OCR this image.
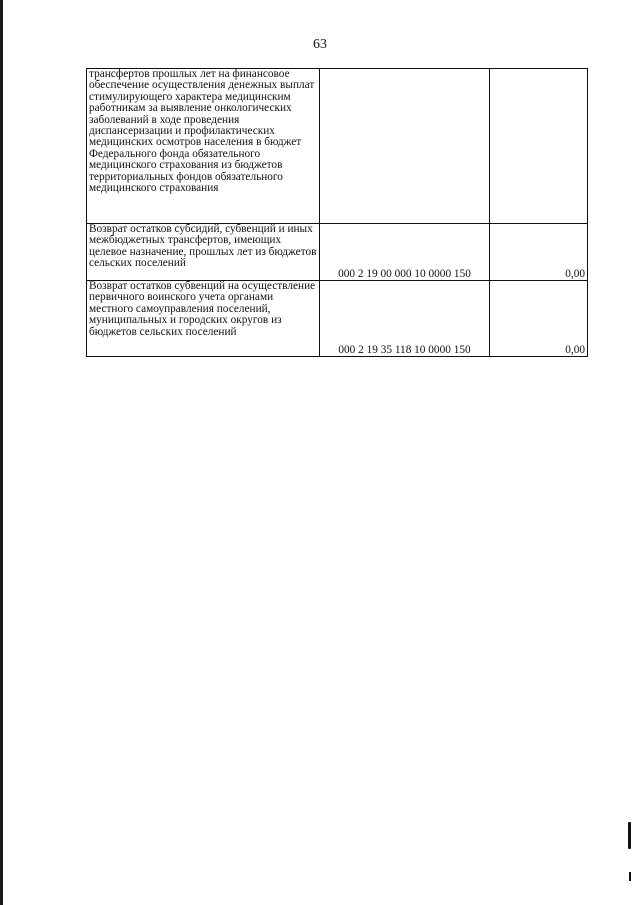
63
трансфертов прошлых лет на финансовое обеспечение осуществления денежных выплат стимулирующего характера медицинским работникам за выявление онкологических заболеваний в ходе проведения диспансеризации и профилактических медицинских осмотров населения в бюджет Федерального фонда обязательного медицинского страхования из бюджетов территориальных фондов обязательного медицинского страхования		
Возврат остатков субсидий, субвенций и иных межбюджетных трансфертов, имеющих целевое назначение, прошлых лет из бюджетов сельских поселений	000 2 19 00 000 10 0000 150	0,00
Возврат остатков субвенций на осуществление первичного воинского учета органами местного самоуправления поселений, муниципальных и городских округов из бюджетов сельских поселений	000 2 19 35 118 10 0000 150	0,00
